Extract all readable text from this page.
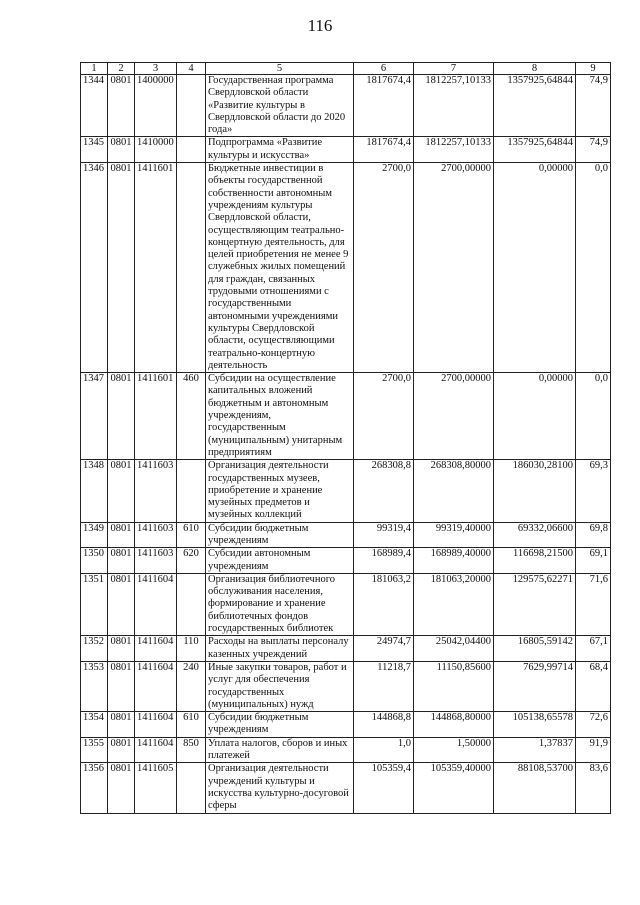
116
1	2	3	4	5	6	7	8	9
1344	0801	1400000		Государственная программа Свердловской области «Развитие культуры в Свердловской области до 2020 года»	1817674,4	1812257,10133	1357925,64844	74,9
1345	0801	1410000		Подпрограмма «Развитие культуры и искусства»	1817674,4	1812257,10133	1357925,64844	74,9
1346	0801	1411601		Бюджетные инвестиции в объекты государственной собственности автономным учреждениям культуры Свердловской области, осуществляющим театрально-концертную деятельность, для целей приобретения не менее 9 служебных жилых помещений для граждан, связанных трудовыми отношениями с государственными автономными учреждениями культуры Свердловской области, осуществляющими театрально-концертную деятельность	2700,0	2700,00000	0,00000	0,0
1347	0801	1411601	460	Субсидии на осуществление капитальных вложений бюджетным и автономным учреждениям, государственным (муниципальным) унитарным предприятиям	2700,0	2700,00000	0,00000	0,0
1348	0801	1411603		Организация деятельности государственных музеев, приобретение и хранение музейных предметов и музейных коллекций	268308,8	268308,80000	186030,28100	69,3
1349	0801	1411603	610	Субсидии бюджетным учреждениям	99319,4	99319,40000	69332,06600	69,8
1350	0801	1411603	620	Субсидии автономным учреждениям	168989,4	168989,40000	116698,21500	69,1
1351	0801	1411604		Организация библиотечного обслуживания населения, формирование и хранение библиотечных фондов государственных библиотек	181063,2	181063,20000	129575,62271	71,6
1352	0801	1411604	110	Расходы на выплаты персоналу казенных учреждений	24974,7	25042,04400	16805,59142	67,1
1353	0801	1411604	240	Иные закупки товаров, работ и услуг для обеспечения государственных (муниципальных) нужд	11218,7	11150,85600	7629,99714	68,4
1354	0801	1411604	610	Субсидии бюджетным учреждениям	144868,8	144868,80000	105138,65578	72,6
1355	0801	1411604	850	Уплата налогов, сборов и иных платежей	1,0	1,50000	1,37837	91,9
1356	0801	1411605		Организация деятельности учреждений культуры и искусства культурно-досуговой сферы	105359,4	105359,40000	88108,53700	83,6
